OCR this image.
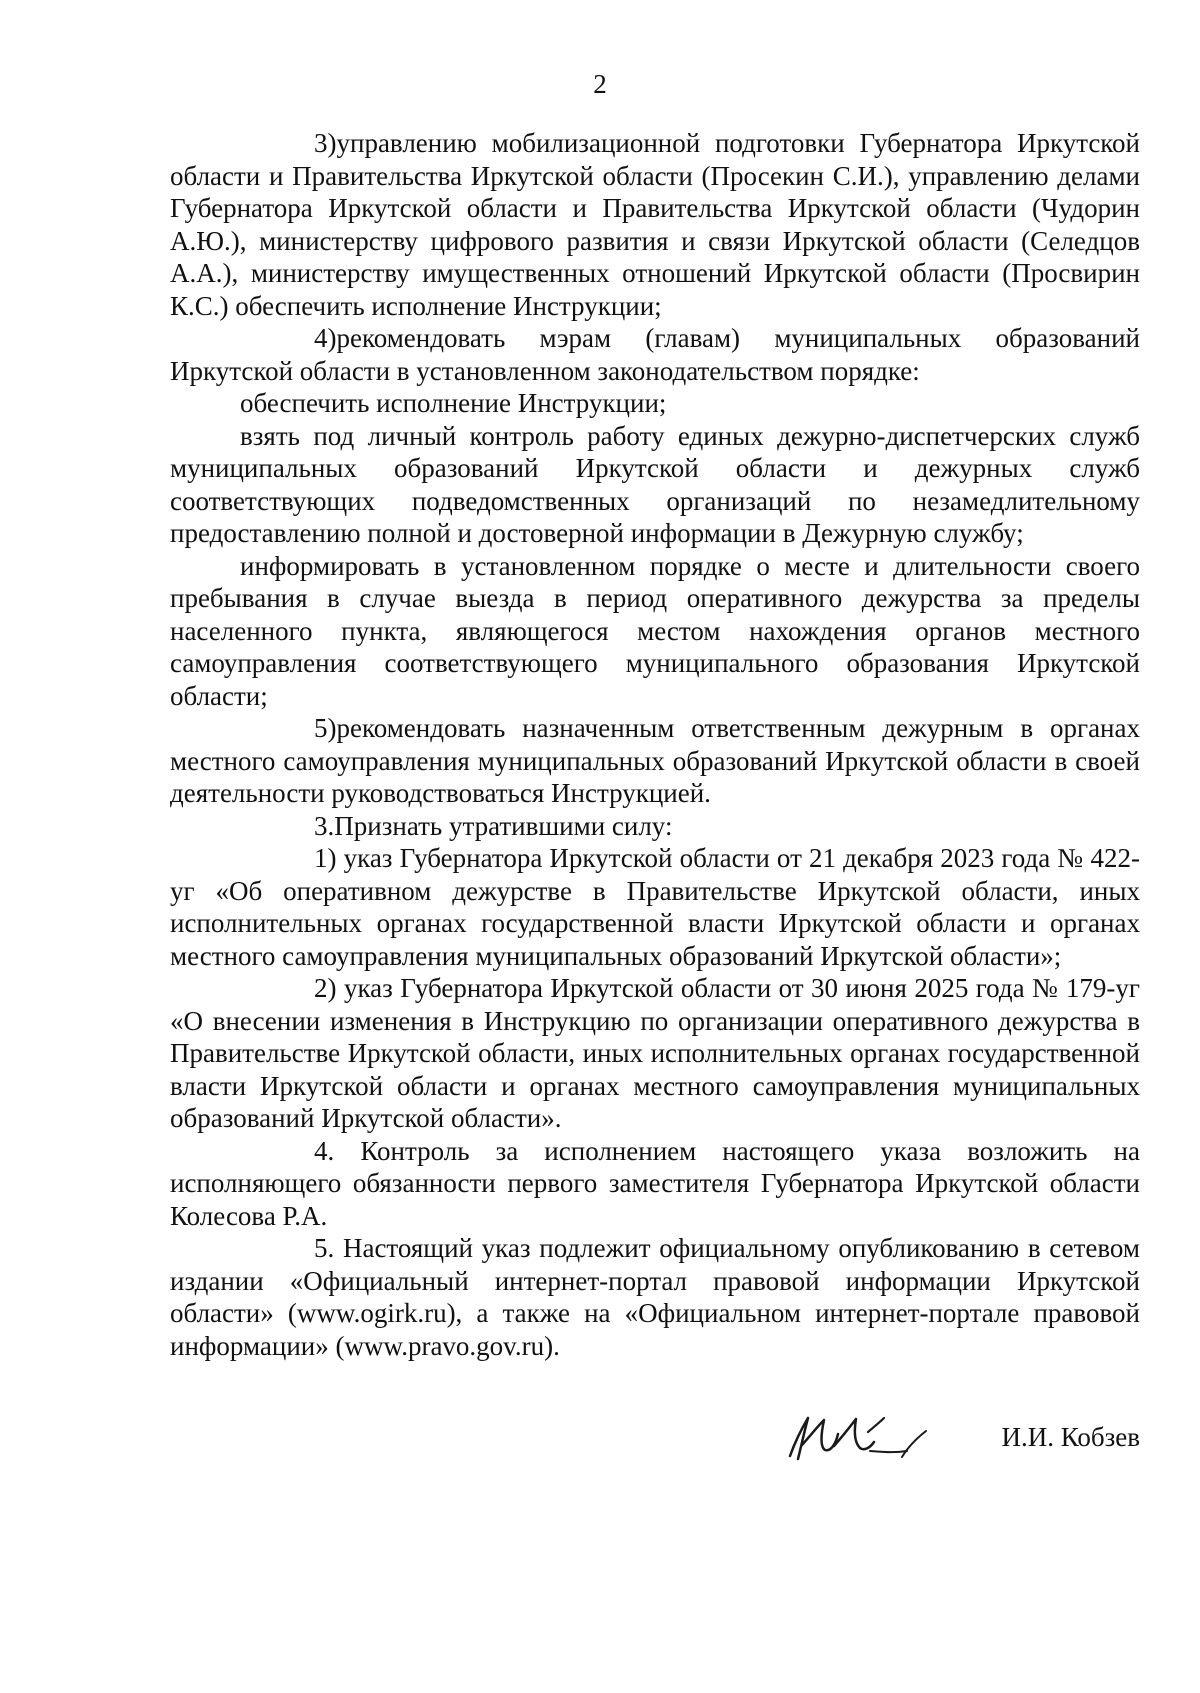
2

3)управлению мобилизационной подготовки Губернатора Иркутской области и Правительства Иркутской области (Просекин С.И.), управлению делами Губернатора Иркутской области и Правительства Иркутской области (Чудорин А.Ю.), министерству цифрового развития и связи Иркутской области (Селедцов А.А.), министерству имущественных отношений Иркутской области (Просвирин К.С.) обеспечить исполнение Инструкции;

4)рекомендовать мэрам (главам) муниципальных образований Иркутской области в установленном законодательством порядке:

обеспечить исполнение Инструкции;

взять под личный контроль работу единых дежурно-диспетчерских служб муниципальных образований Иркутской области и дежурных служб соответствующих подведомственных организаций по незамедлительному предоставлению полной и достоверной информации в Дежурную службу;

информировать в установленном порядке о месте и длительности своего пребывания в случае выезда в период оперативного дежурства за пределы населенного пункта, являющегося местом нахождения органов местного самоуправления соответствующего муниципального образования Иркутской области;

5)рекомендовать назначенным ответственным дежурным в органах местного самоуправления муниципальных образований Иркутской области в своей деятельности руководствоваться Инструкцией.

3.Признать утратившими силу:

1) указ Губернатора Иркутской области от 21 декабря 2023 года № 422-уг «Об оперативном дежурстве в Правительстве Иркутской области, иных исполнительных органах государственной власти Иркутской области и органах местного самоуправления муниципальных образований Иркутской области»;

2) указ Губернатора Иркутской области от 30 июня 2025 года № 179-уг «О внесении изменения в Инструкцию по организации оперативного дежурства в Правительстве Иркутской области, иных исполнительных органах государственной власти Иркутской области и органах местного самоуправления муниципальных образований Иркутской области».

4. Контроль за исполнением настоящего указа возложить на исполняющего обязанности первого заместителя Губернатора Иркутской области Колесова Р.А.

5. Настоящий указ подлежит официальному опубликованию в сетевом издании «Официальный интернет-портал правовой информации Иркутской области» (www.ogirk.ru), а также на «Официальном интернет-портале правовой информации» (www.pravo.gov.ru).

И.И. Кобзев
